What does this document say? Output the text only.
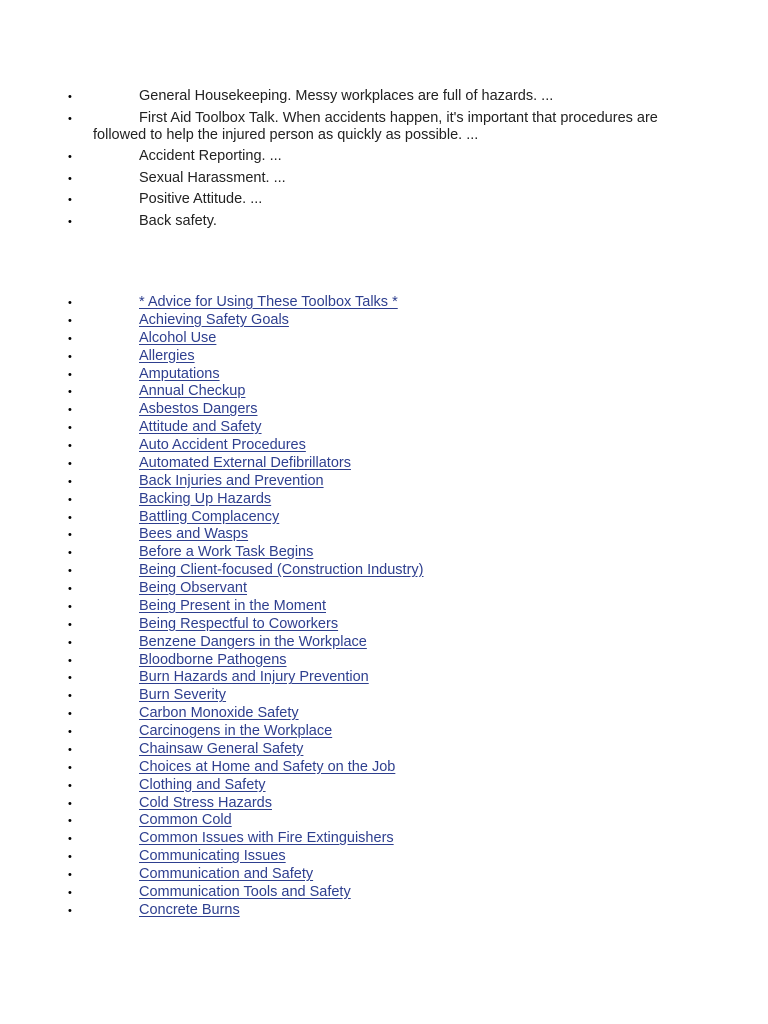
•	General Housekeeping. Messy workplaces are full of hazards. ...
•	First Aid Toolbox Talk. When accidents happen, it's important that procedures are followed to help the injured person as quickly as possible. ...
•	Accident Reporting. ...
•	Sexual Harassment. ...
•	Positive Attitude. ...
•	Back safety.
•	* Advice for Using These Toolbox Talks *
•	Achieving Safety Goals
•	Alcohol Use
•	Allergies
•	Amputations
•	Annual Checkup
•	Asbestos Dangers
•	Attitude and Safety
•	Auto Accident Procedures
•	Automated External Defibrillators
•	Back Injuries and Prevention
•	Backing Up Hazards
•	Battling Complacency
•	Bees and Wasps
•	Before a Work Task Begins
•	Being Client-focused (Construction Industry)
•	Being Observant
•	Being Present in the Moment
•	Being Respectful to Coworkers
•	Benzene Dangers in the Workplace
•	Bloodborne Pathogens
•	Burn Hazards and Injury Prevention
•	Burn Severity
•	Carbon Monoxide Safety
•	Carcinogens in the Workplace
•	Chainsaw General Safety
•	Choices at Home and Safety on the Job
•	Clothing and Safety
•	Cold Stress Hazards
•	Common Cold
•	Common Issues with Fire Extinguishers
•	Communicating Issues
•	Communication and Safety
•	Communication Tools and Safety
•	Concrete Burns
